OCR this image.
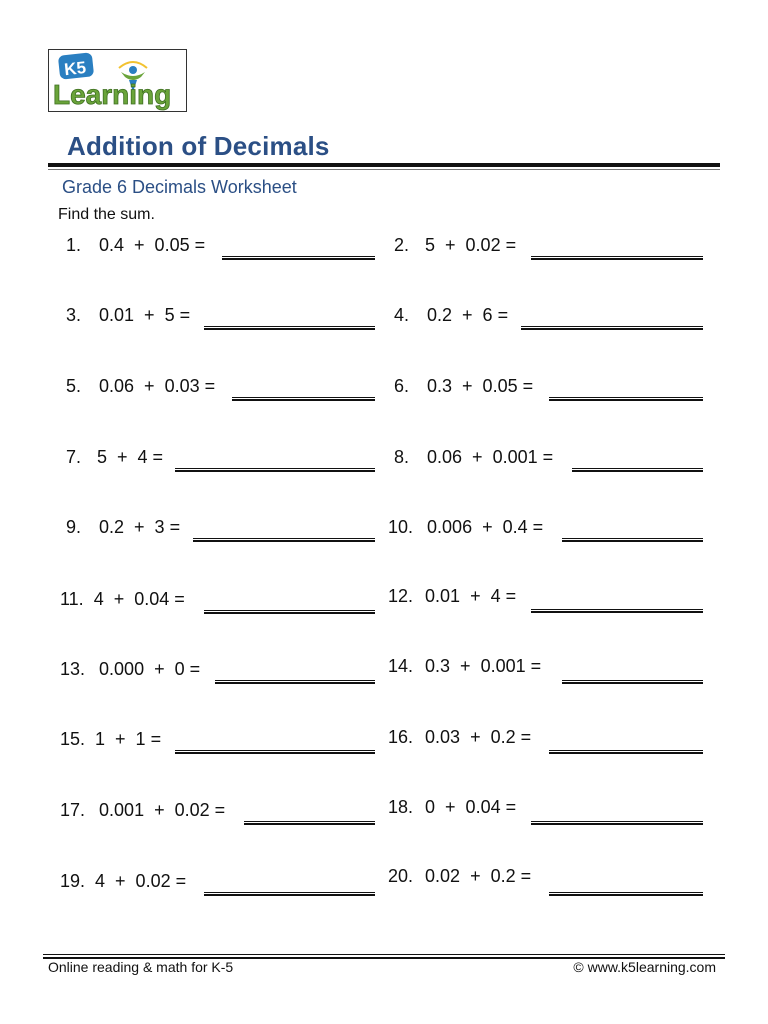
K5
Learning
Addition of Decimals
Grade 6 Decimals Worksheet
Find the sum.
1. 0.4  +  0.05 =	2. 5  +  0.02 =
3. 0.01  +  5 =	4. 0.2  +  6 =
5. 0.06  +  0.03 =	6. 0.3  +  0.05 =
7. 5  +  4 =	8. 0.06  +  0.001 =
9. 0.2  +  3 =	10. 0.006  +  0.4 =
11. 4  +  0.04 =	12. 0.01  +  4 =
13. 0.000  +  0 =	14. 0.3  +  0.001 =
15. 1  +  1 =	16. 0.03  +  0.2 =
17. 0.001  +  0.02 =	18. 0  +  0.04 =
19. 4  +  0.02 =	20. 0.02  +  0.2 =
Online reading & math for K-5	© www.k5learning.com
